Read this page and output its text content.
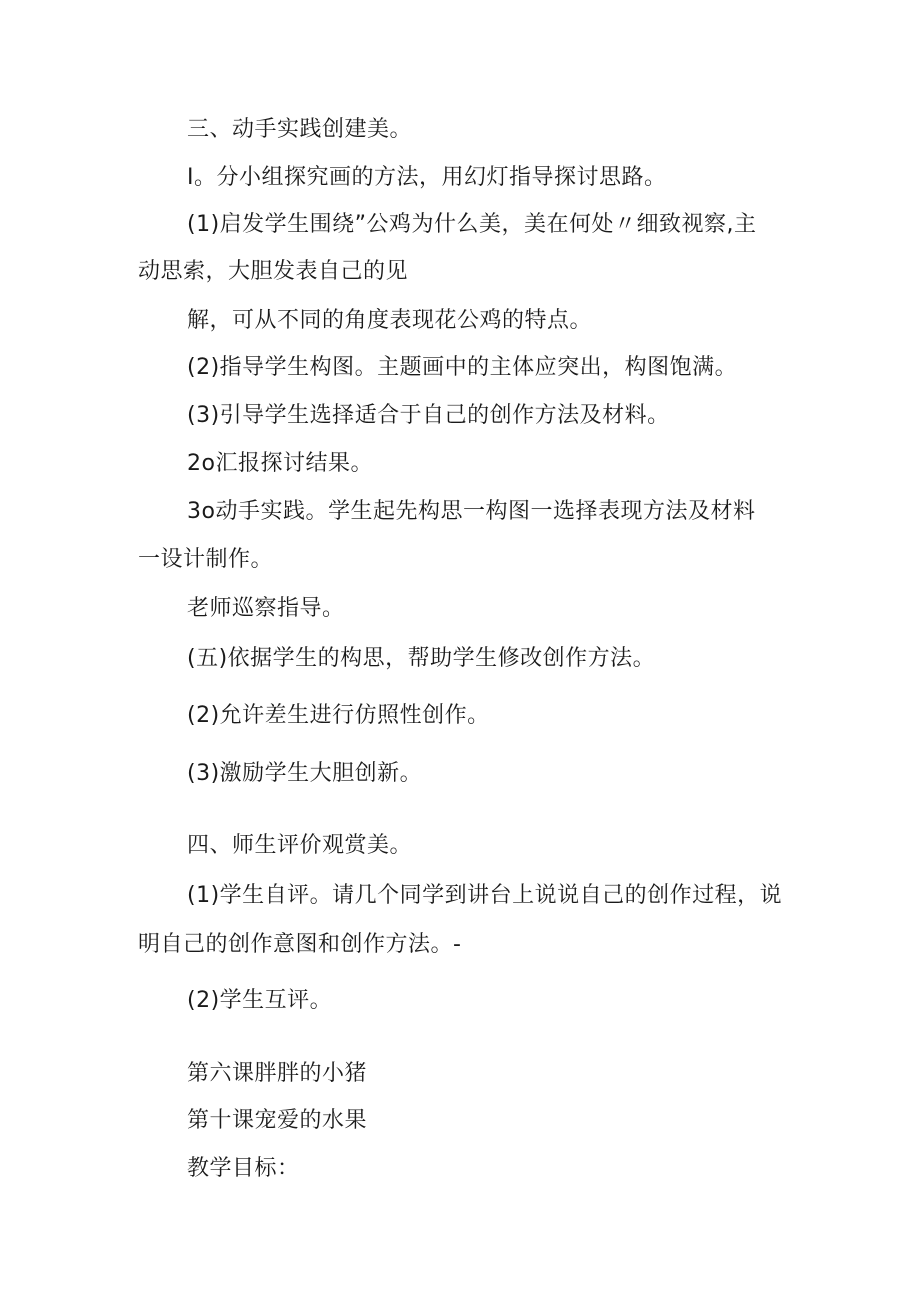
三、动手实践创建美。
I。分小组探究画的方法，用幻灯指导探讨思路。
(1)启发学生围绕”公鸡为什么美，美在何处〃细致视察,主
动思索，大胆发表自己的见
解，可从不同的角度表现花公鸡的特点。
(2)指导学生构图。主题画中的主体应突出，构图饱满。
(3)引导学生选择适合于自己的创作方法及材料。
2o汇报探讨结果。
3o动手实践。学生起先构思一构图一选择表现方法及材料
一设计制作。
老师巡察指导。
(五)依据学生的构思，帮助学生修改创作方法。
(2)允许差生进行仿照性创作。
(3)激励学生大胆创新。
四、师生评价观赏美。
(1)学生自评。请几个同学到讲台上说说自己的创作过程，说
明自己的创作意图和创作方法。-
(2)学生互评。
第六课胖胖的小猪
第十课宠爱的水果
教学目标：
